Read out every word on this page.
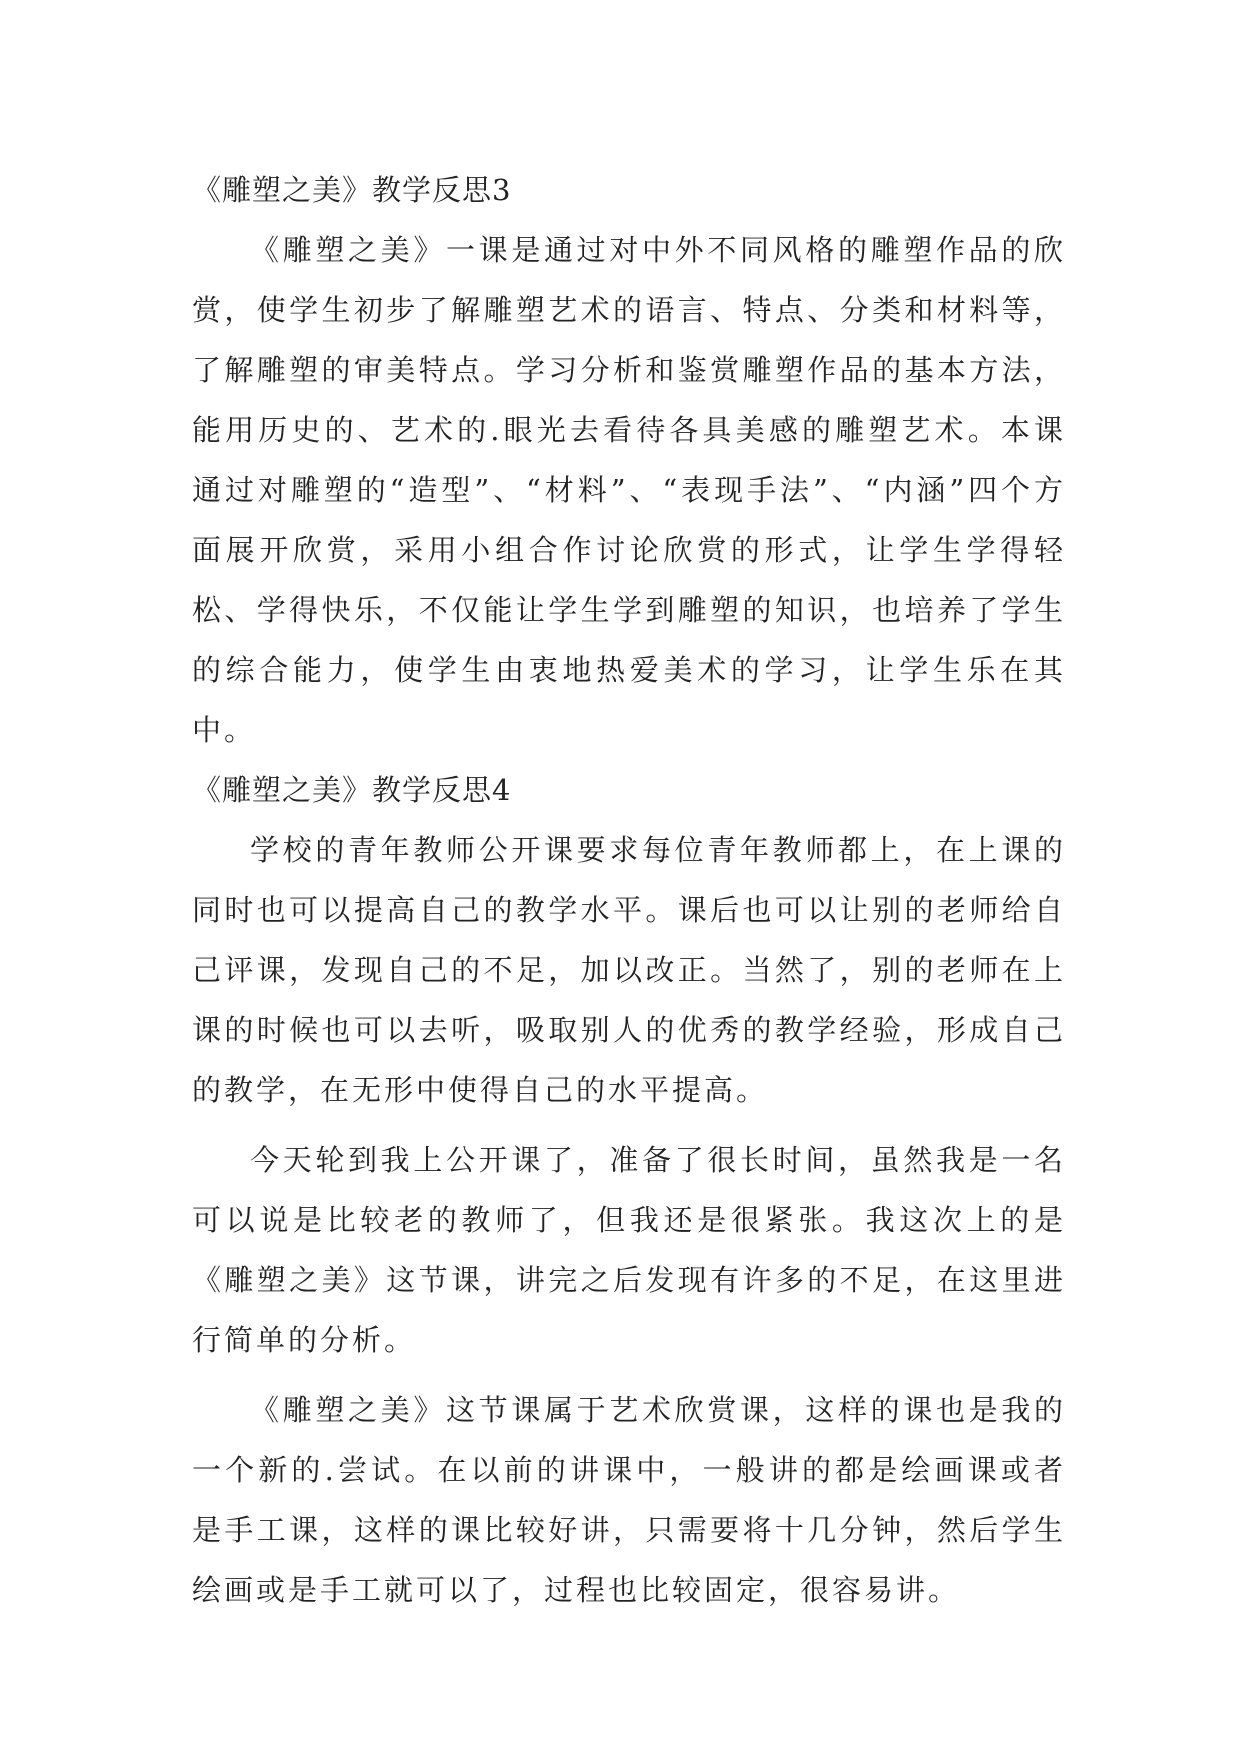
《雕塑之美》教学反思3

《雕塑之美》一课是通过对中外不同风格的雕塑作品的欣赏，使学生初步了解雕塑艺术的语言、特点、分类和材料等，了解雕塑的审美特点。学习分析和鉴赏雕塑作品的基本方法，能用历史的、艺术的.眼光去看待各具美感的雕塑艺术。本课通过对雕塑的“造型”、“材料”、“表现手法”、“内涵”四个方面展开欣赏，采用小组合作讨论欣赏的形式，让学生学得轻松、学得快乐，不仅能让学生学到雕塑的知识，也培养了学生的综合能力，使学生由衷地热爱美术的学习，让学生乐在其中。

《雕塑之美》教学反思4

学校的青年教师公开课要求每位青年教师都上，在上课的同时也可以提高自己的教学水平。课后也可以让别的老师给自己评课，发现自己的不足，加以改正。当然了，别的老师在上课的时候也可以去听，吸取别人的优秀的教学经验，形成自己的教学，在无形中使得自己的水平提高。

今天轮到我上公开课了，准备了很长时间，虽然我是一名可以说是比较老的教师了，但我还是很紧张。我这次上的是《雕塑之美》这节课，讲完之后发现有许多的不足，在这里进行简单的分析。

《雕塑之美》这节课属于艺术欣赏课，这样的课也是我的一个新的.尝试。在以前的讲课中，一般讲的都是绘画课或者是手工课，这样的课比较好讲，只需要将十几分钟，然后学生绘画或是手工就可以了，过程也比较固定，很容易讲。
